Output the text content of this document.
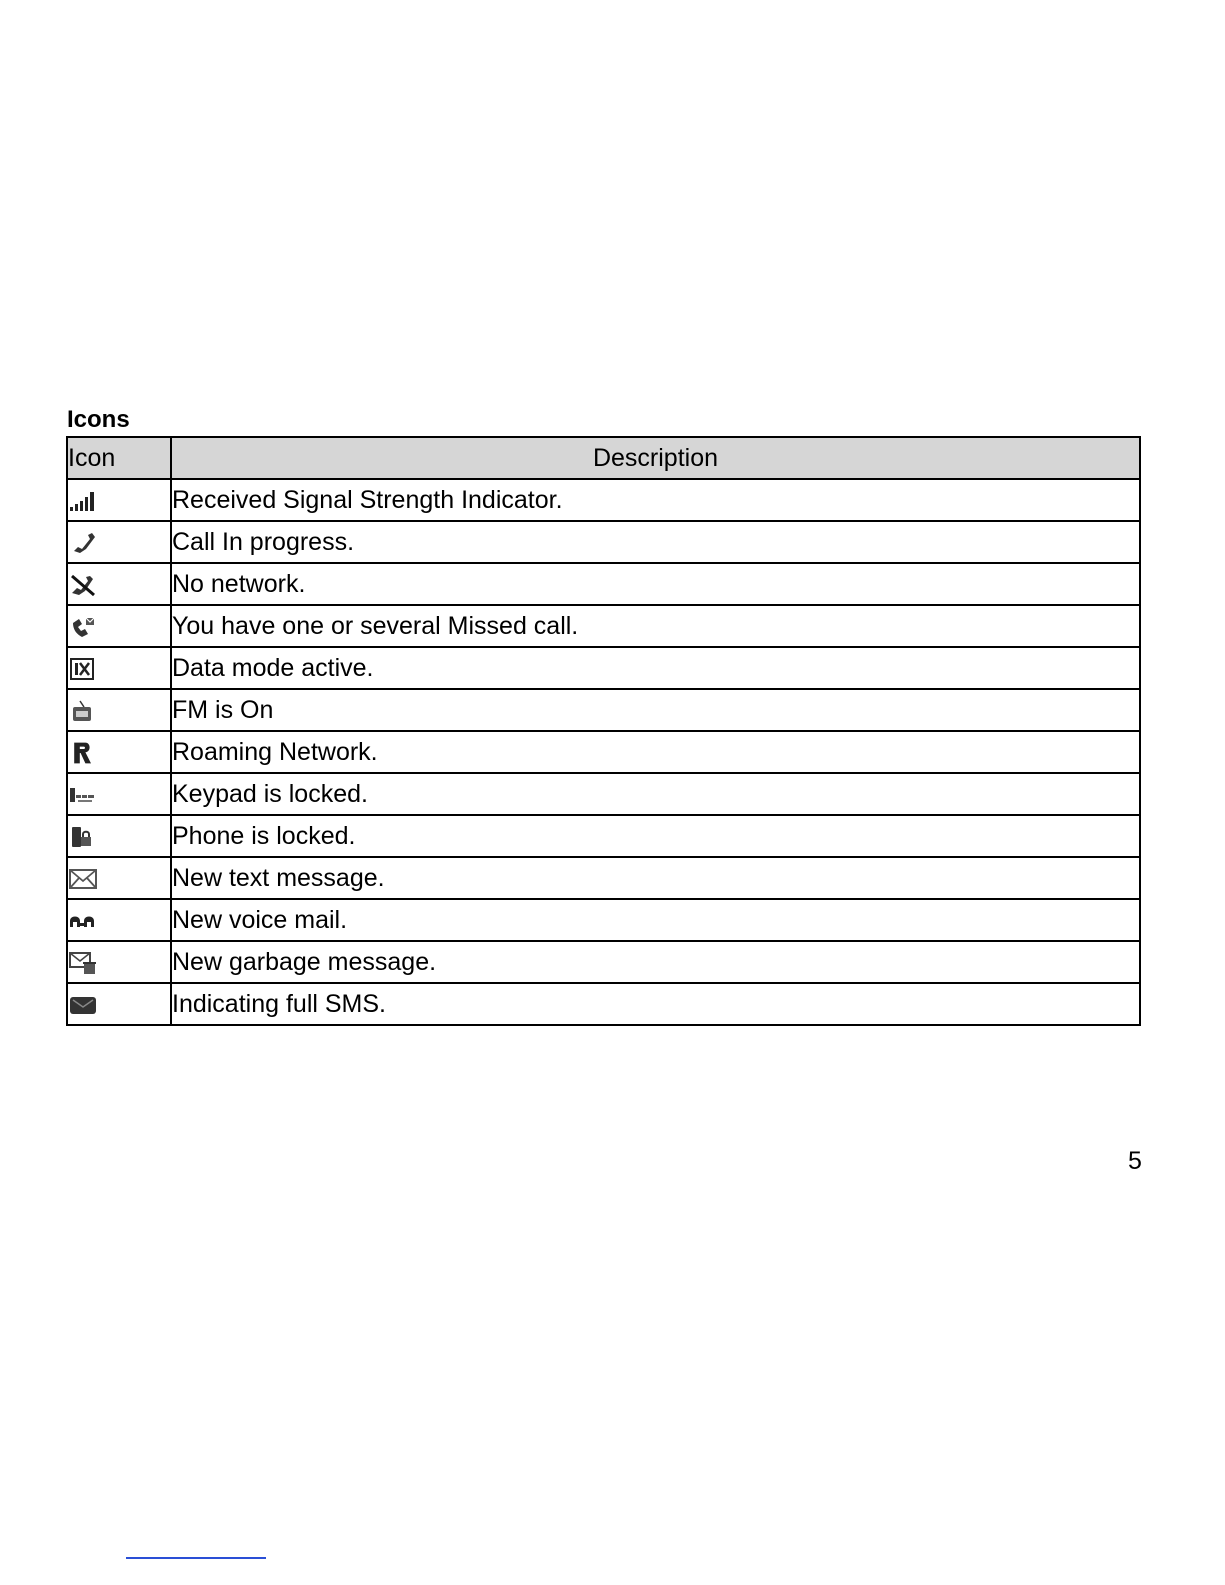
Icons
Icon	Description

	Received Signal Strength Indicator.

	Call In progress.

	No network.

	You have one or several Missed call.

	Data mode active.

	FM is On

	Roaming Network.

	Keypad is locked.

	Phone is locked.

	New text message.

	New voice mail.

	New garbage message.

	Indicating full SMS.
5
